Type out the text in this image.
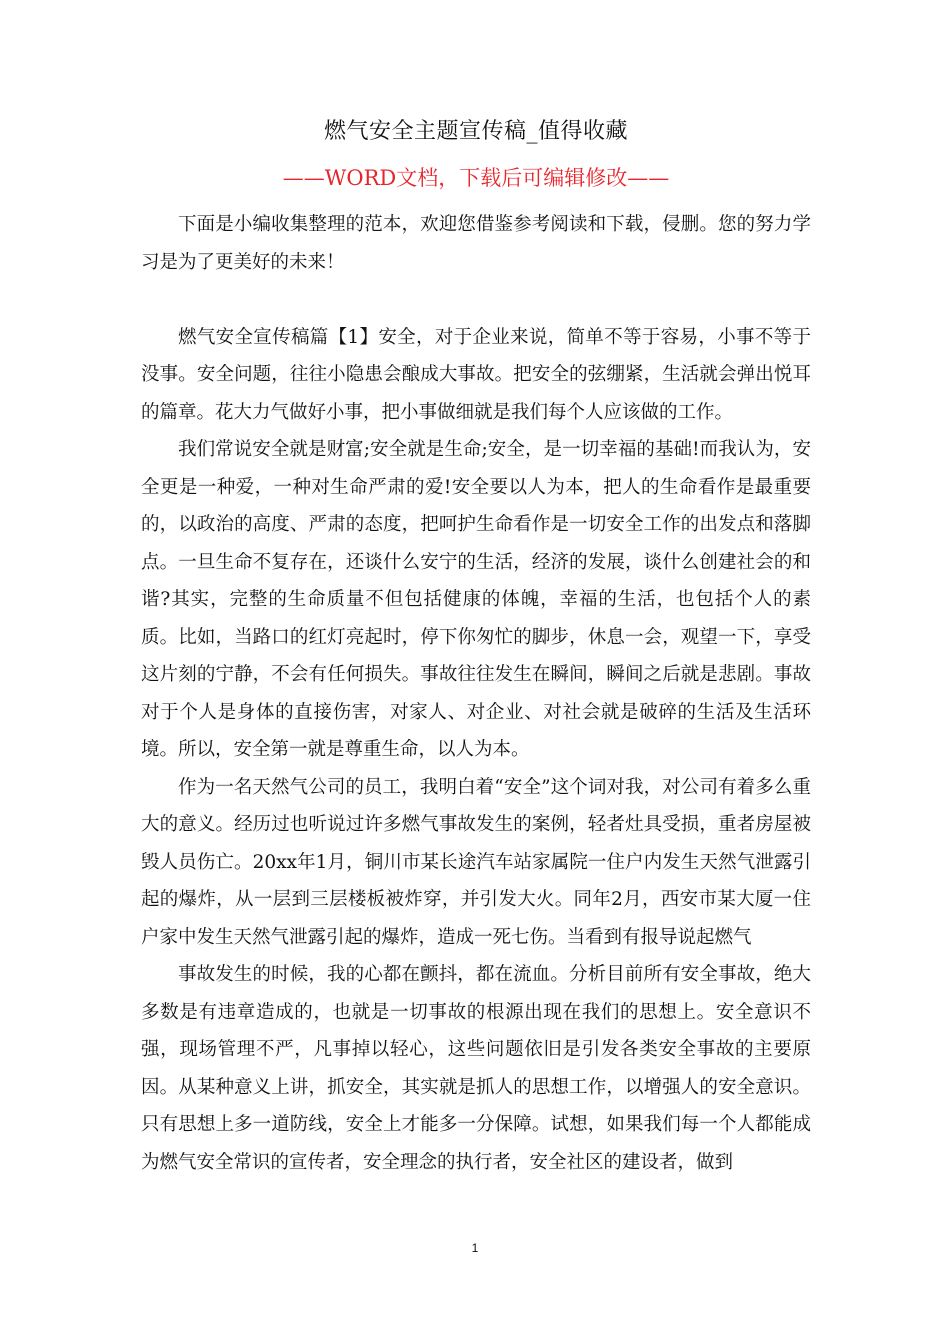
燃气安全主题宣传稿_值得收藏

——WORD文档，下载后可编辑修改——

下面是小编收集整理的范本，欢迎您借鉴参考阅读和下载，侵删。您的努力学习是为了更美好的未来！

燃气安全宣传稿篇【1】安全，对于企业来说，简单不等于容易，小事不等于没事。安全问题，往往小隐患会酿成大事故。把安全的弦绷紧，生活就会弹出悦耳的篇章。花大力气做好小事，把小事做细就是我们每个人应该做的工作。

我们常说安全就是财富;安全就是生命;安全，是一切幸福的基础!而我认为，安全更是一种爱，一种对生命严肃的爱!安全要以人为本，把人的生命看作是最重要的，以政治的高度、严肃的态度，把呵护生命看作是一切安全工作的出发点和落脚点。一旦生命不复存在，还谈什么安宁的生活，经济的发展，谈什么创建社会的和谐?其实，完整的生命质量不但包括健康的体魄，幸福的生活，也包括个人的素质。比如，当路口的红灯亮起时，停下你匆忙的脚步，休息一会，观望一下，享受这片刻的宁静，不会有任何损失。事故往往发生在瞬间，瞬间之后就是悲剧。事故对于个人是身体的直接伤害，对家人、对企业、对社会就是破碎的生活及生活环境。所以，安全第一就是尊重生命，以人为本。

作为一名天然气公司的员工，我明白着“安全”这个词对我，对公司有着多么重大的意义。经历过也听说过许多燃气事故发生的案例，轻者灶具受损，重者房屋被毁人员伤亡。20xx年1月，铜川市某长途汽车站家属院一住户内发生天然气泄露引起的爆炸，从一层到三层楼板被炸穿，并引发大火。同年2月，西安市某大厦一住户家中发生天然气泄露引起的爆炸，造成一死七伤。当看到有报导说起燃气

事故发生的时候，我的心都在颤抖，都在流血。分析目前所有安全事故，绝大多数是有违章造成的，也就是一切事故的根源出现在我们的思想上。安全意识不强，现场管理不严，凡事掉以轻心，这些问题依旧是引发各类安全事故的主要原因。从某种意义上讲，抓安全，其实就是抓人的思想工作，以增强人的安全意识。只有思想上多一道防线，安全上才能多一分保障。试想，如果我们每一个人都能成为燃气安全常识的宣传者，安全理念的执行者，安全社区的建设者，做到

1
